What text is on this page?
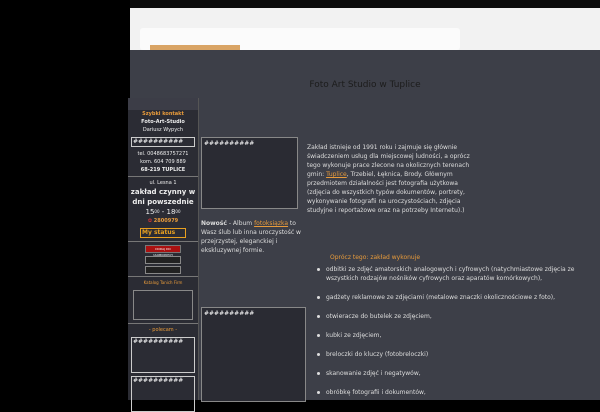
Foto Art Studio w Tuplice
Szybki kontakt
Foto-Art-Studio
Dariusz Wypych
##########
tel. 0048683757271
kom. 604 709 889
68-219 TUPLICE
ul. Lesna 1
zakład czynny w dni powszednie
$15^{00} - 18^{00}$
✿ 2800979
My status
DODAJ DO ULUBIONYCH
Katalog Tanich Firm
- polecam -
##########
##########
##########
##########
Zakład istnieje od 1991 roku i zajmuje się głównie świadczeniem usług dla miejscowej ludności, a oprócz tego wykonuje prace zlecone na okolicznych terenach gmin: Tuplice, Trzebiel, Łęknica, Brody. Głównym przedmiotem działalności jest fotografia użytkowa (zdjęcia do wszystkich typów dokumentów, portrety, wykonywanie fotografii na uroczystościach, zdjęcia studyjne i reportażowe oraz na potrzeby Internetu).)
Nowość - Album fotoksiązka to Wasz ślub lub inna uroczystość w przejrzystej, eleganckiej i ekskluzywnej formie.
Oprócz tego: zakład wykonuje
odbitki ze zdjęć amatorskich analogowych i cyfrowych (natychmiastowe zdjęcia ze wszystkich rodzajów nośników cyfrowych oraz aparatów komórkowych),
gadżety reklamowe ze zdjęciami (metalowe znaczki okolicznościowe z foto),
otwieracze do butelek ze zdjęciem,
kubki ze zdjęciem,
breloczki do kluczy (fotobreloczki)
skanowanie zdjęć i negatywów,
obróbkę fotografii i dokumentów,
